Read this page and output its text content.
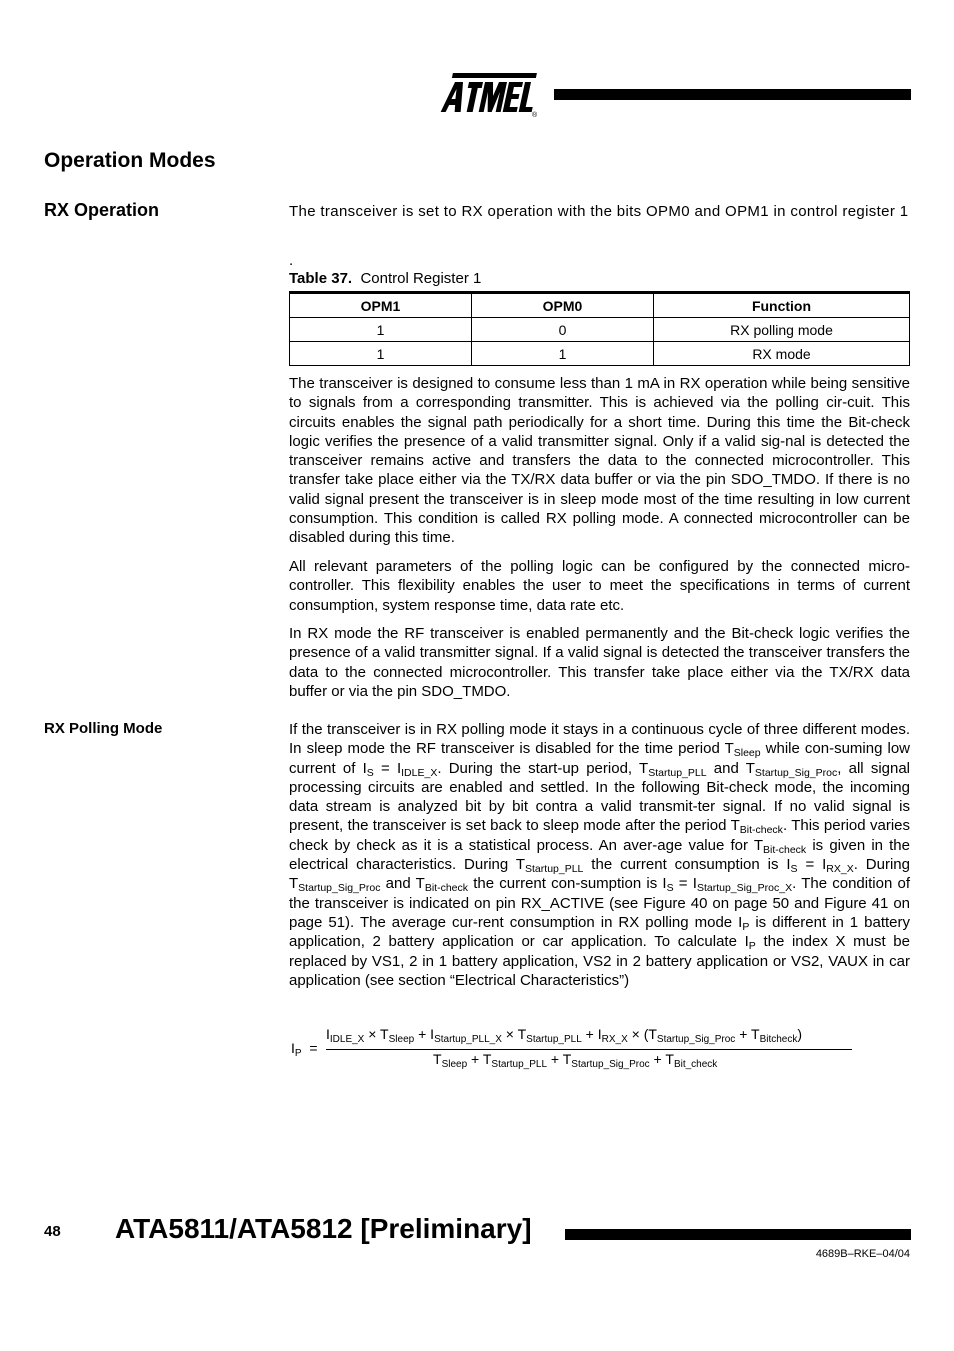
®
Operation Modes
RX Operation	The transceiver is set to RX operation with the bits OPM0 and OPM1 in control register 1
.
Table 37. Control Register 1
OPM1	OPM0	Function
1	0	RX polling mode
1	1	RX mode
The transceiver is designed to consume less than 1 mA in RX operation while being sensitive to signals from a corresponding transmitter. This is achieved via the polling cir-cuit. This circuits enables the signal path periodically for a short time. During this time the Bit-check logic verifies the presence of a valid transmitter signal. Only if a valid sig-nal is detected the transceiver remains active and transfers the data to the connected microcontroller. This transfer take place either via the TX/RX data buffer or via the pin SDO_TMDO. If there is no valid signal present the transceiver is in sleep mode most of the time resulting in low current consumption. This condition is called RX polling mode. A connected microcontroller can be disabled during this time.
All relevant parameters of the polling logic can be configured by the connected micro-controller. This flexibility enables the user to meet the specifications in terms of current consumption, system response time, data rate etc.
In RX mode the RF transceiver is enabled permanently and the Bit-check logic verifies the presence of a valid transmitter signal. If a valid signal is detected the transceiver transfers the data to the connected microcontroller. This transfer take place either via the TX/RX data buffer or via the pin SDO_TMDO.
RX Polling Mode	If the transceiver is in RX polling mode it stays in a continuous cycle of three different modes. In sleep mode the RF transceiver is disabled for the time period $T_{Sleep}$ while con-suming low current of $I_S = I_{IDLE\_X}$. During the start-up period, $T_{Startup\_PLL}$ and $T_{Startup\_Sig\_Proc}$, all signal processing circuits are enabled and settled. In the following Bit-check mode, the incoming data stream is analyzed bit by bit contra a valid transmit-ter signal. If no valid signal is present, the transceiver is set back to sleep mode after the period $T_{Bit-check}$. This period varies check by check as it is a statistical process. An aver-age value for $T_{Bit-check}$ is given in the electrical characteristics. During $T_{Startup\_PLL}$ the current consumption is $I_S = I_{RX\_X}$. During $T_{Startup\_Sig\_Proc}$ and $T_{Bit-check}$ the current con-sumption is $I_S = I_{Startup\_Sig\_Proc\_X}$. The condition of the transceiver is indicated on pin RX_ACTIVE (see Figure 40 on page 50 and Figure 41 on page 51). The average cur-rent consumption in RX polling mode $I_P$ is different in 1 battery application, 2 battery application or car application. To calculate $I_P$ the index X must be replaced by VS1, 2 in 1 battery application, VS2 in 2 battery application or VS2, VAUX in car application (see section “Electrical Characteristics”)
$I_P$ =
$I_{IDLE\_X} \times T_{Sleep} + I_{Startup\_PLL\_X} \times T_{Startup\_PLL} + I_{RX\_X} \times (T_{Startup\_Sig\_Proc} + T_{Bitcheck})$
$T_{Sleep} + T_{Startup\_PLL} + T_{Startup\_Sig\_Proc} + T_{Bit\_check}$
48 ATA5811/ATA5812 [Preliminary]
4689B–RKE–04/04
